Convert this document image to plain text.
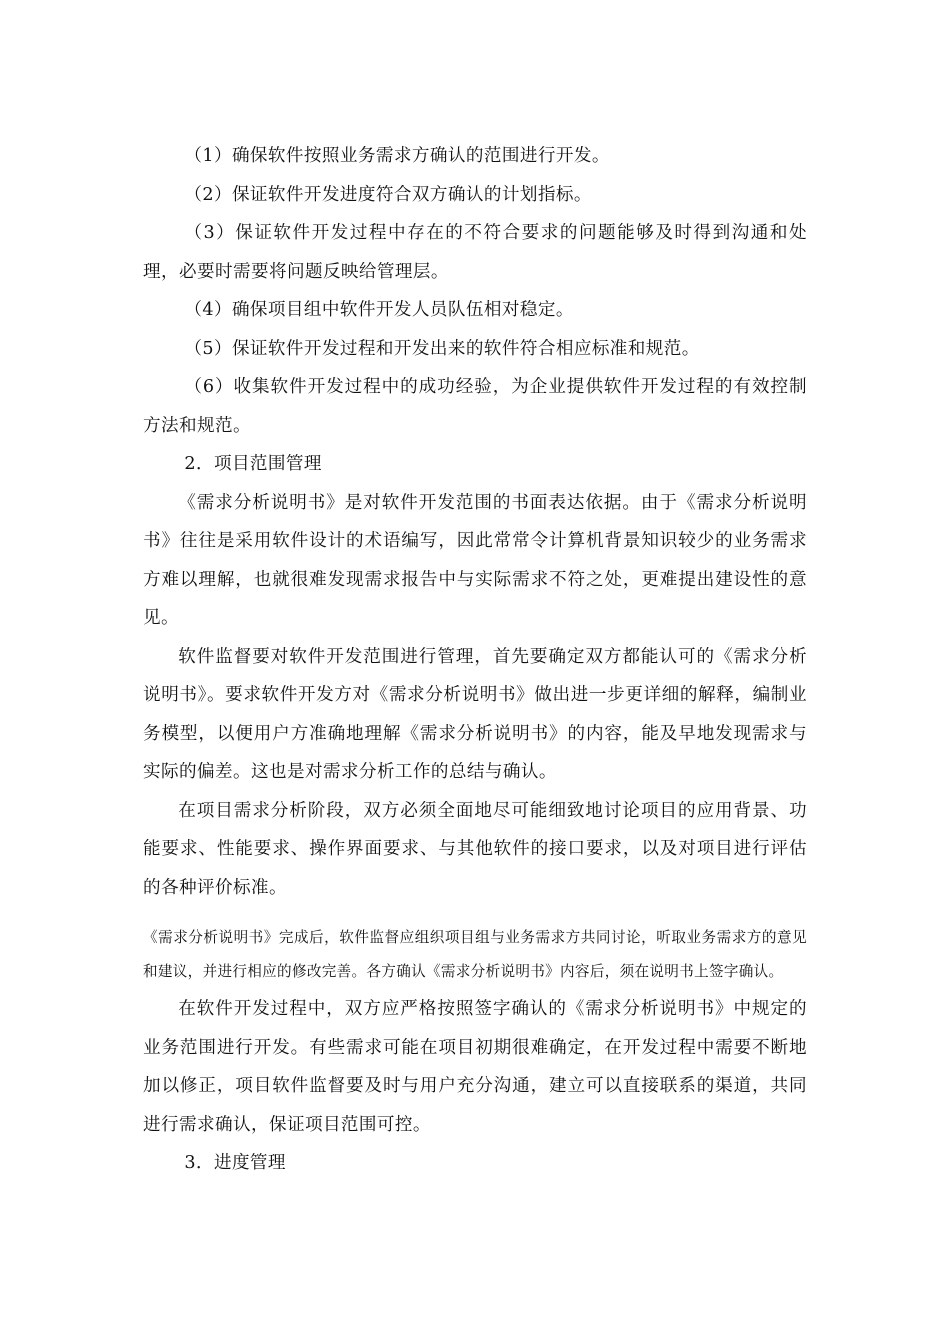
（1）确保软件按照业务需求方确认的范围进行开发。

（2）保证软件开发进度符合双方确认的计划指标。

（3）保证软件开发过程中存在的不符合要求的问题能够及时得到沟通和处理，必要时需要将问题反映给管理层。

（4）确保项目组中软件开发人员队伍相对稳定。

（5）保证软件开发过程和开发出来的软件符合相应标准和规范。

（6）收集软件开发过程中的成功经验，为企业提供软件开发过程的有效控制方法和规范。

2．项目范围管理

《需求分析说明书》是对软件开发范围的书面表达依据。由于《需求分析说明书》往往是采用软件设计的术语编写，因此常常令计算机背景知识较少的业务需求方难以理解，也就很难发现需求报告中与实际需求不符之处，更难提出建设性的意见。

软件监督要对软件开发范围进行管理，首先要确定双方都能认可的《需求分析说明书》。要求软件开发方对《需求分析说明书》做出进一步更详细的解释，编制业务模型，以便用户方准确地理解《需求分析说明书》的内容，能及早地发现需求与实际的偏差。这也是对需求分析工作的总结与确认。

在项目需求分析阶段，双方必须全面地尽可能细致地讨论项目的应用背景、功能要求、性能要求、操作界面要求、与其他软件的接口要求，以及对项目进行评估的各种评价标准。

《需求分析说明书》完成后，软件监督应组织项目组与业务需求方共同讨论，听取业务需求方的意见和建议，并进行相应的修改完善。各方确认《需求分析说明书》内容后，须在说明书上签字确认。

在软件开发过程中，双方应严格按照签字确认的《需求分析说明书》中规定的业务范围进行开发。有些需求可能在项目初期很难确定，在开发过程中需要不断地加以修正，项目软件监督要及时与用户充分沟通，建立可以直接联系的渠道，共同进行需求确认，保证项目范围可控。

3．进度管理
